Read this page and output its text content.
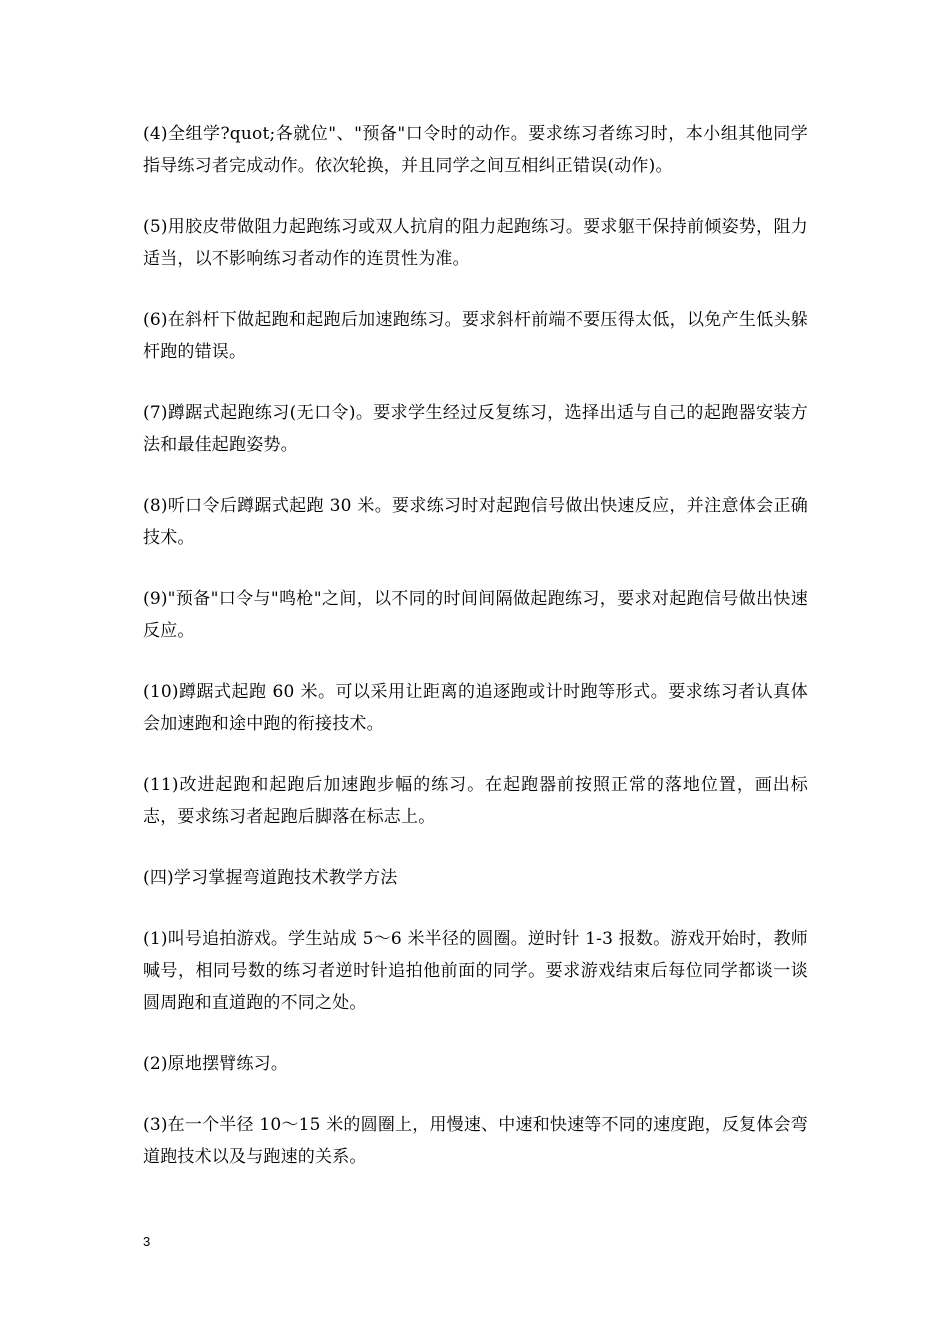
(4)全组学?quot;各就位"、"预备"口令时的动作。要求练习者练习时，本小组其他同学指导练习者完成动作。依次轮换，并且同学之间互相纠正错误(动作)。

(5)用胶皮带做阻力起跑练习或双人抗肩的阻力起跑练习。要求躯干保持前倾姿势，阻力适当，以不影响练习者动作的连贯性为准。

(6)在斜杆下做起跑和起跑后加速跑练习。要求斜杆前端不要压得太低，以免产生低头躲杆跑的错误。

(7)蹲踞式起跑练习(无口令)。要求学生经过反复练习，选择出适与自己的起跑器安装方法和最佳起跑姿势。

(8)听口令后蹲踞式起跑 30 米。要求练习时对起跑信号做出快速反应，并注意体会正确技术。

(9)"预备"口令与"鸣枪"之间，以不同的时间间隔做起跑练习，要求对起跑信号做出快速反应。

(10)蹲踞式起跑 60 米。可以采用让距离的追逐跑或计时跑等形式。要求练习者认真体会加速跑和途中跑的衔接技术。

(11)改进起跑和起跑后加速跑步幅的练习。在起跑器前按照正常的落地位置，画出标志，要求练习者起跑后脚落在标志上。

(四)学习掌握弯道跑技术教学方法

(1)叫号追拍游戏。学生站成 5～6 米半径的圆圈。逆时针 1-3 报数。游戏开始时，教师喊号，相同号数的练习者逆时针追拍他前面的同学。要求游戏结束后每位同学都谈一谈圆周跑和直道跑的不同之处。

(2)原地摆臂练习。

(3)在一个半径 10～15 米的圆圈上，用慢速、中速和快速等不同的速度跑，反复体会弯道跑技术以及与跑速的关系。

3
